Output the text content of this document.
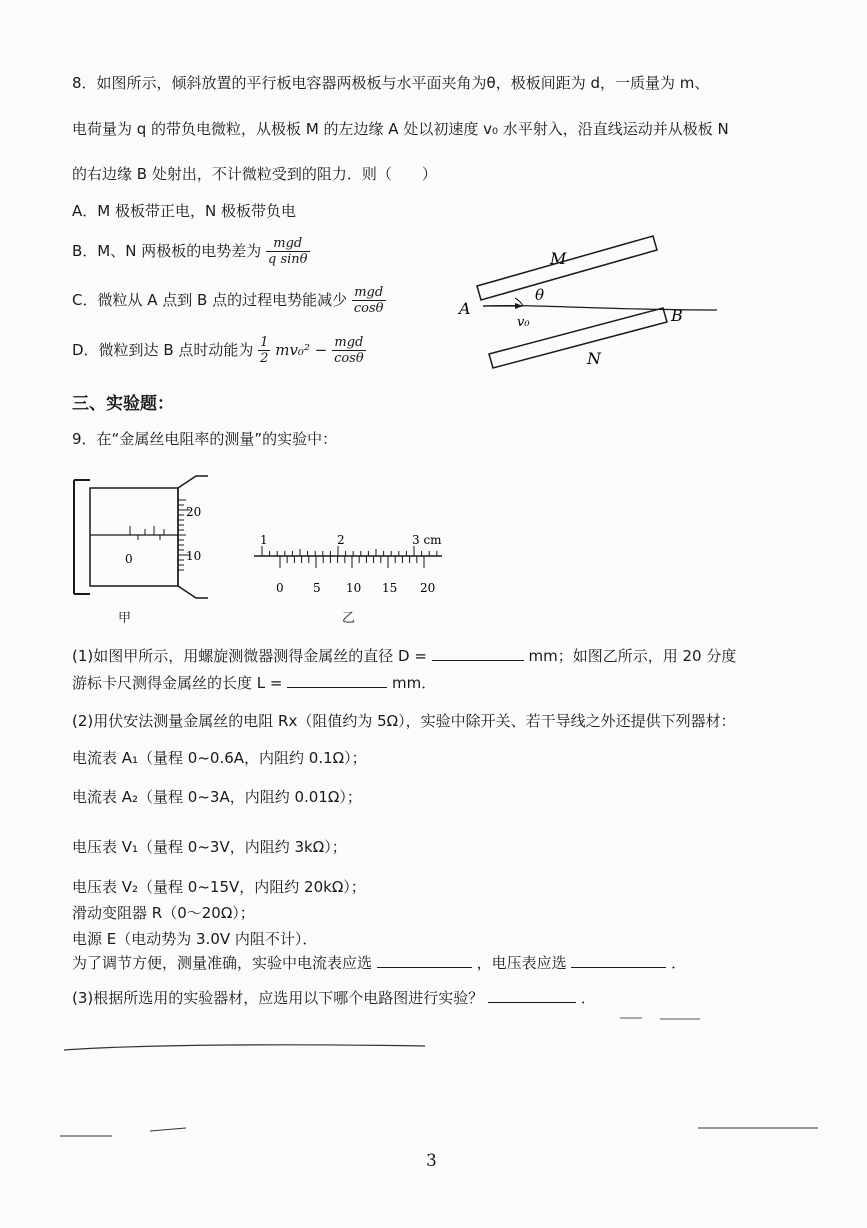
8．如图所示，倾斜放置的平行板电容器两极板与水平面夹角为θ，极板间距为 d，一质量为 m、
电荷量为 q 的带负电微粒，从极板 M 的左边缘 A 处以初速度 v₀ 水平射入，沿直线运动并从极板 N
的右边缘 B 处射出，不计微粒受到的阻力．则（　　）
A．M 极板带正电，N 极板带负电
B．M、N 两极板的电势差为 $\frac{\text{mgd}}{\text{q sinθ}}$
C．微粒从 A 点到 B 点的过程电势能减少 $\frac{\text{mgd}}{\cos\theta}$
D．微粒到达 B 点时动能为 $\frac{1}{2} mv_0^2 - \frac{\text{mgd}}{\cos\theta}$
M
θ
A
v₀	B
N
三、实验题：
9．在“金属丝电阻率的测量”的实验中：
20
10
0
甲
1	2	3 cm
0 5 10 15 20
乙
(1)如图甲所示，用螺旋测微器测得金属丝的直径 D =	mm；如图乙所示，用 20 分度
游标卡尺测得金属丝的长度 L =	mm．
(2)用伏安法测量金属丝的电阻 Rx（阻值约为 5Ω），实验中除开关、若干导线之外还提供下列器材：
电流表 A₁（量程 0~0.6A，内阻约 0.1Ω）；
电流表 A₂（量程 0~3A，内阻约 0.01Ω）；
电压表 V₁（量程 0~3V，内阻约 3kΩ）；
电压表 V₂（量程 0~15V，内阻约 20kΩ）；
滑动变阻器 R（0～20Ω）；
电源 E（电动势为 3.0V 内阻不计）．
为了调节方便，测量准确，实验中电流表应选	，电压表应选	．
(3)根据所选用的实验器材，应选用以下哪个电路图进行实验？	．
3
